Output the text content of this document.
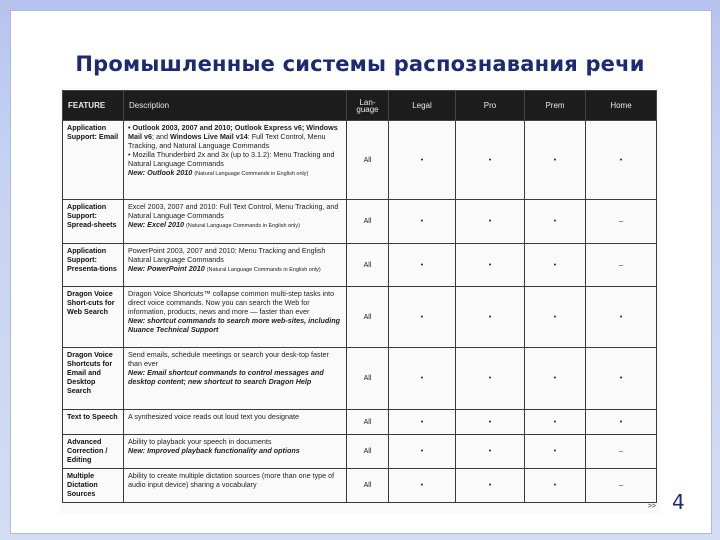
Промышленные системы распознавания речи
FEATURE	Description	Lan-
guage	Legal	Pro	Prem	Home
Application Support: Email	• Outlook 2003, 2007 and 2010; Outlook Express v6; Windows Mail v6; and Windows Live Mail v14: Full Text Control, Menu Tracking, and Natural Language Commands
• Mozilla Thunderbird 2x and 3x (up to 3.1.2): Menu Tracking and Natural Language Commands
New: Outlook 2010 (Natural Language Commands in English only)	All	•	•	•	•
Application Support: Spread-sheets	Excel 2003, 2007 and 2010: Full Text Control, Menu Tracking, and Natural Language Commands
New: Excel 2010 (Natural Language Commands in English only)	All	•	•	•	–
Application Support: Presenta-tions	PowerPoint 2003, 2007 and 2010: Menu Tracking and English Natural Language Commands
New: PowerPoint 2010 (Natural Language Commands in English only)	All	•	•	•	–
Dragon Voice Short-cuts for Web Search	Dragon Voice Shortcuts™ collapse common multi-step tasks into direct voice commands. Now you can search the Web for information, products, news and more — faster than ever
New: shortcut commands to search more web-sites, including Nuance Technical Support	All	•	•	•	•
Dragon Voice Shortcuts for Email and Desktop Search	Send emails, schedule meetings or search your desk-top faster than ever
New: Email shortcut commands to control messages and desktop content; new shortcut to search Dragon Help	All	•	•	•	•
Text to Speech	A synthesized voice reads out loud text you designate	All	•	•	•	•
Advanced Correction / Editing	Ability to playback your speech in documents
New: Improved playback functionality and options	All	•	•	•	–
Multiple Dictation Sources	Ability to create multiple dictation sources (more than one type of audio input device) sharing a vocabulary	All	•	•	•	–
>> 4
